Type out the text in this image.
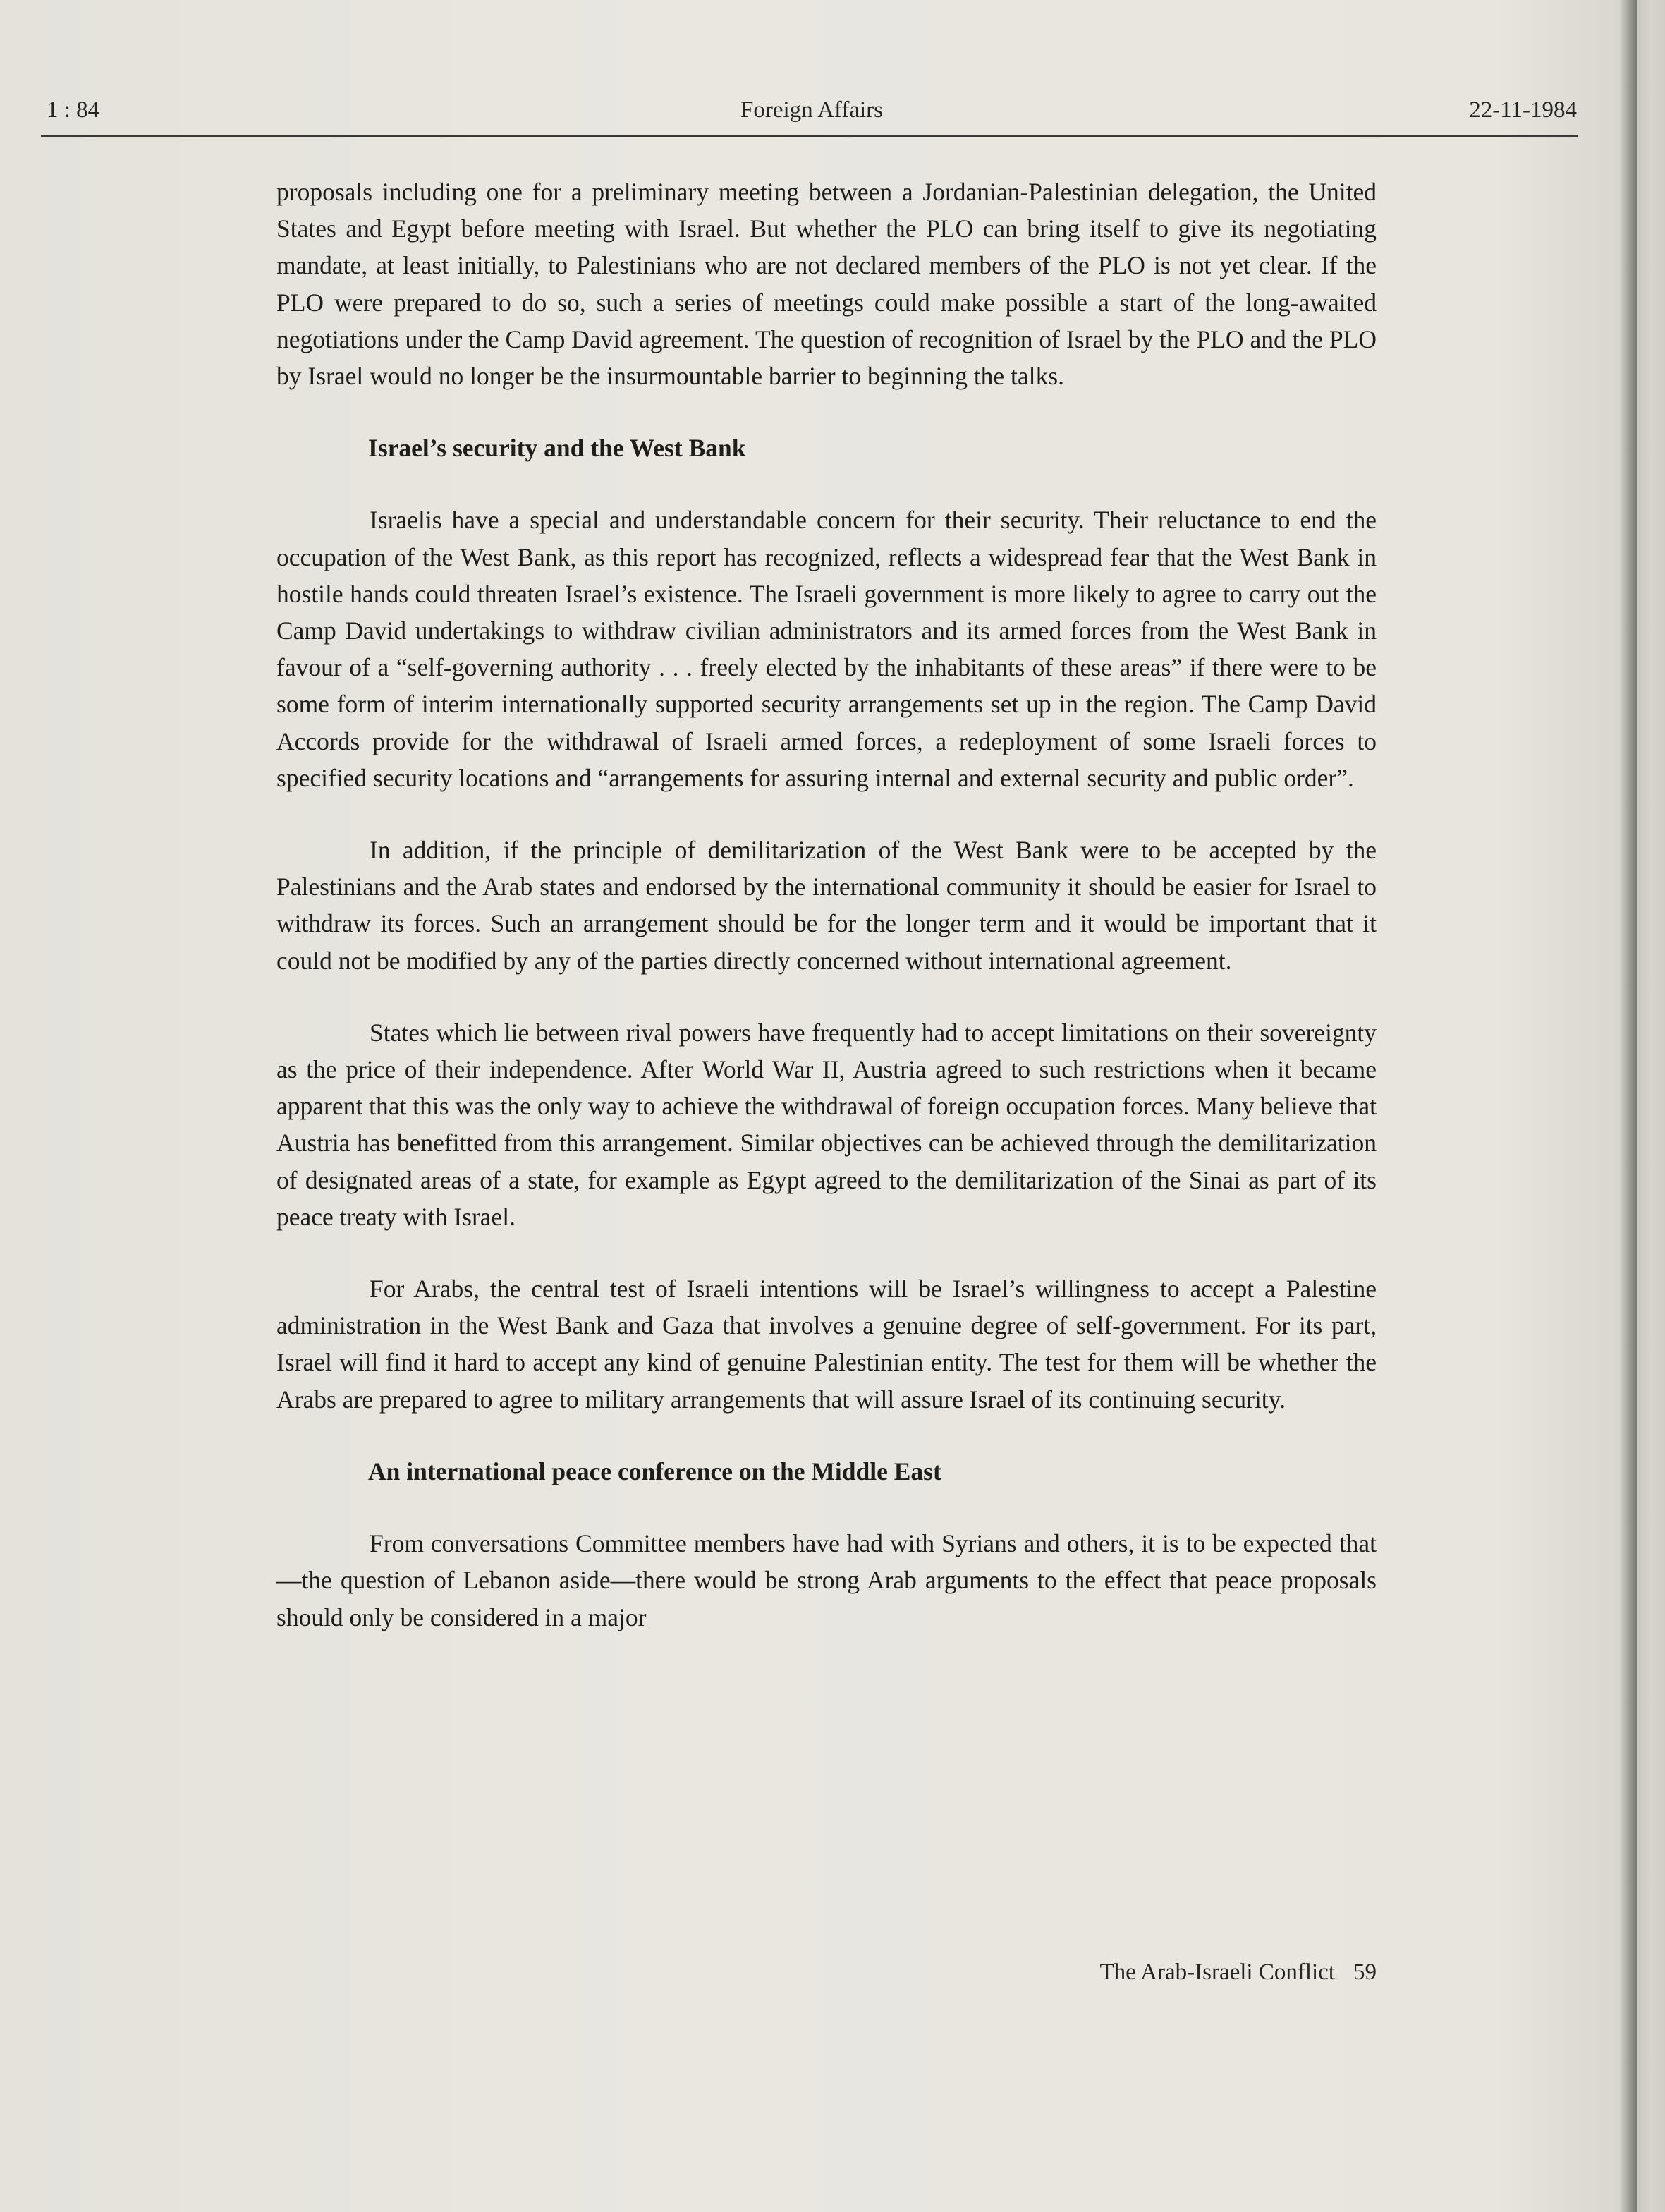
1 : 84	Foreign Affairs	22-11-1984

proposals including one for a preliminary meeting between a Jordanian-Palestinian delegation, the United States and Egypt before meeting with Israel. But whether the PLO can bring itself to give its negotiating mandate, at least initially, to Palestinians who are not declared members of the PLO is not yet clear. If the PLO were prepared to do so, such a series of meetings could make possible a start of the long-awaited negotiations under the Camp David agreement. The question of recognition of Israel by the PLO and the PLO by Israel would no longer be the insurmountable barrier to beginning the talks.

Israel’s security and the West Bank

Israelis have a special and understandable concern for their security. Their reluctance to end the occupation of the West Bank, as this report has recognized, reflects a widespread fear that the West Bank in hostile hands could threaten Israel’s existence. The Israeli government is more likely to agree to carry out the Camp David undertakings to withdraw civilian administrators and its armed forces from the West Bank in favour of a “self-governing authority . . . freely elected by the inhabitants of these areas” if there were to be some form of interim internationally supported security arrangements set up in the region. The Camp David Accords provide for the withdrawal of Israeli armed forces, a redeployment of some Israeli forces to specified security locations and “arrangements for assuring internal and external security and public order”.

In addition, if the principle of demilitarization of the West Bank were to be accepted by the Palestinians and the Arab states and endorsed by the international community it should be easier for Israel to withdraw its forces. Such an arrangement should be for the longer term and it would be important that it could not be modified by any of the parties directly concerned without international agreement.

States which lie between rival powers have frequently had to accept limitations on their sovereignty as the price of their independence. After World War II, Austria agreed to such restrictions when it became apparent that this was the only way to achieve the withdrawal of foreign occupation forces. Many believe that Austria has benefitted from this arrangement. Similar objectives can be achieved through the demilitarization of designated areas of a state, for example as Egypt agreed to the demilitarization of the Sinai as part of its peace treaty with Israel.

For Arabs, the central test of Israeli intentions will be Israel’s willingness to accept a Palestine administration in the West Bank and Gaza that involves a genuine degree of self-government. For its part, Israel will find it hard to accept any kind of genuine Palestinian entity. The test for them will be whether the Arabs are prepared to agree to military arrangements that will assure Israel of its continuing security.

An international peace conference on the Middle East

From conversations Committee members have had with Syrians and others, it is to be expected that—the question of Lebanon aside—there would be strong Arab arguments to the effect that peace proposals should only be considered in a major

The Arab-Israeli Conflict 59
